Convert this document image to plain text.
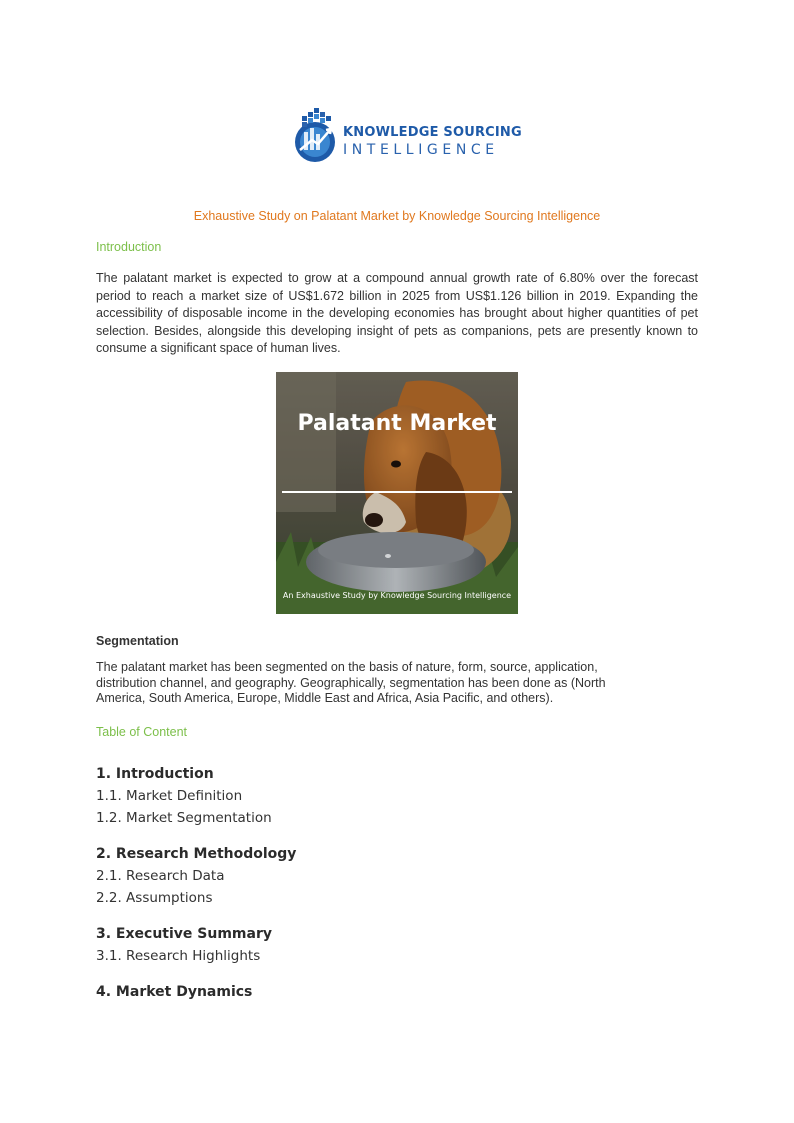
KNOWLEDGE SOURCING
INTELLIGENCE
Exhaustive Study on Palatant Market by Knowledge Sourcing Intelligence
Introduction
The palatant market is expected to grow at a compound annual growth rate of 6.80% over the forecast period to reach a market size of US$1.672 billion in 2025 from US$1.126 billion in 2019. Expanding the accessibility of disposable income in the developing economies has brought about higher quantities of pet selection. Besides, alongside this developing insight of pets as companions, pets are presently known to consume a significant space of human lives.
Palatant Market
An Exhaustive Study by Knowledge Sourcing Intelligence
Segmentation
The palatant market has been segmented on the basis of nature, form, source, application, distribution channel, and geography. Geographically, segmentation has been done as (North America, South America, Europe, Middle East and Africa, Asia Pacific, and others).
Table of Content
1. Introduction
1.1. Market Definition
1.2. Market Segmentation
2. Research Methodology
2.1. Research Data
2.2. Assumptions
3. Executive Summary
3.1. Research Highlights
4. Market Dynamics
